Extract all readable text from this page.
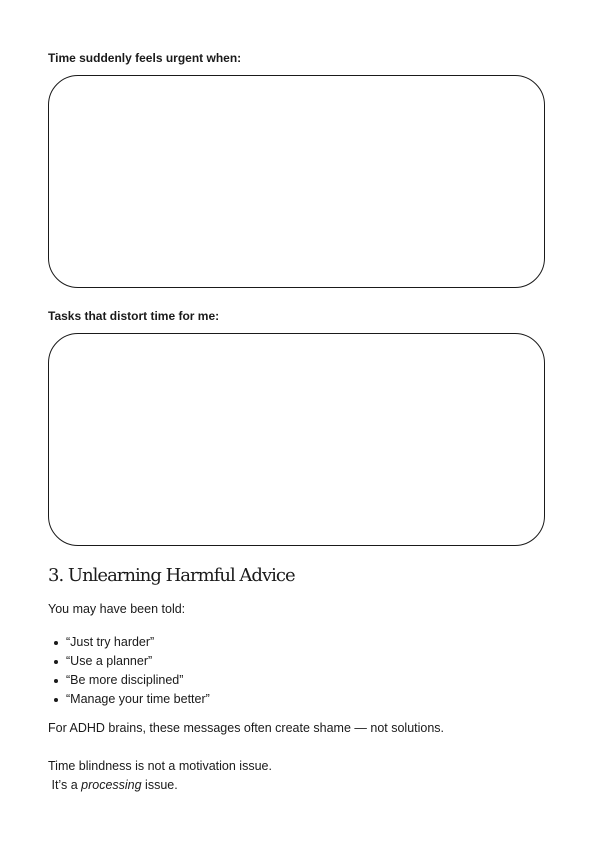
Time suddenly feels urgent when:

Tasks that distort time for me:

3. Unlearning Harmful Advice

You may have been told:

“Just try harder”
“Use a planner”
“Be more disciplined”
“Manage your time better”

For ADHD brains, these messages often create shame — not solutions.

Time blindness is not a motivation issue.

It’s a processing issue.
